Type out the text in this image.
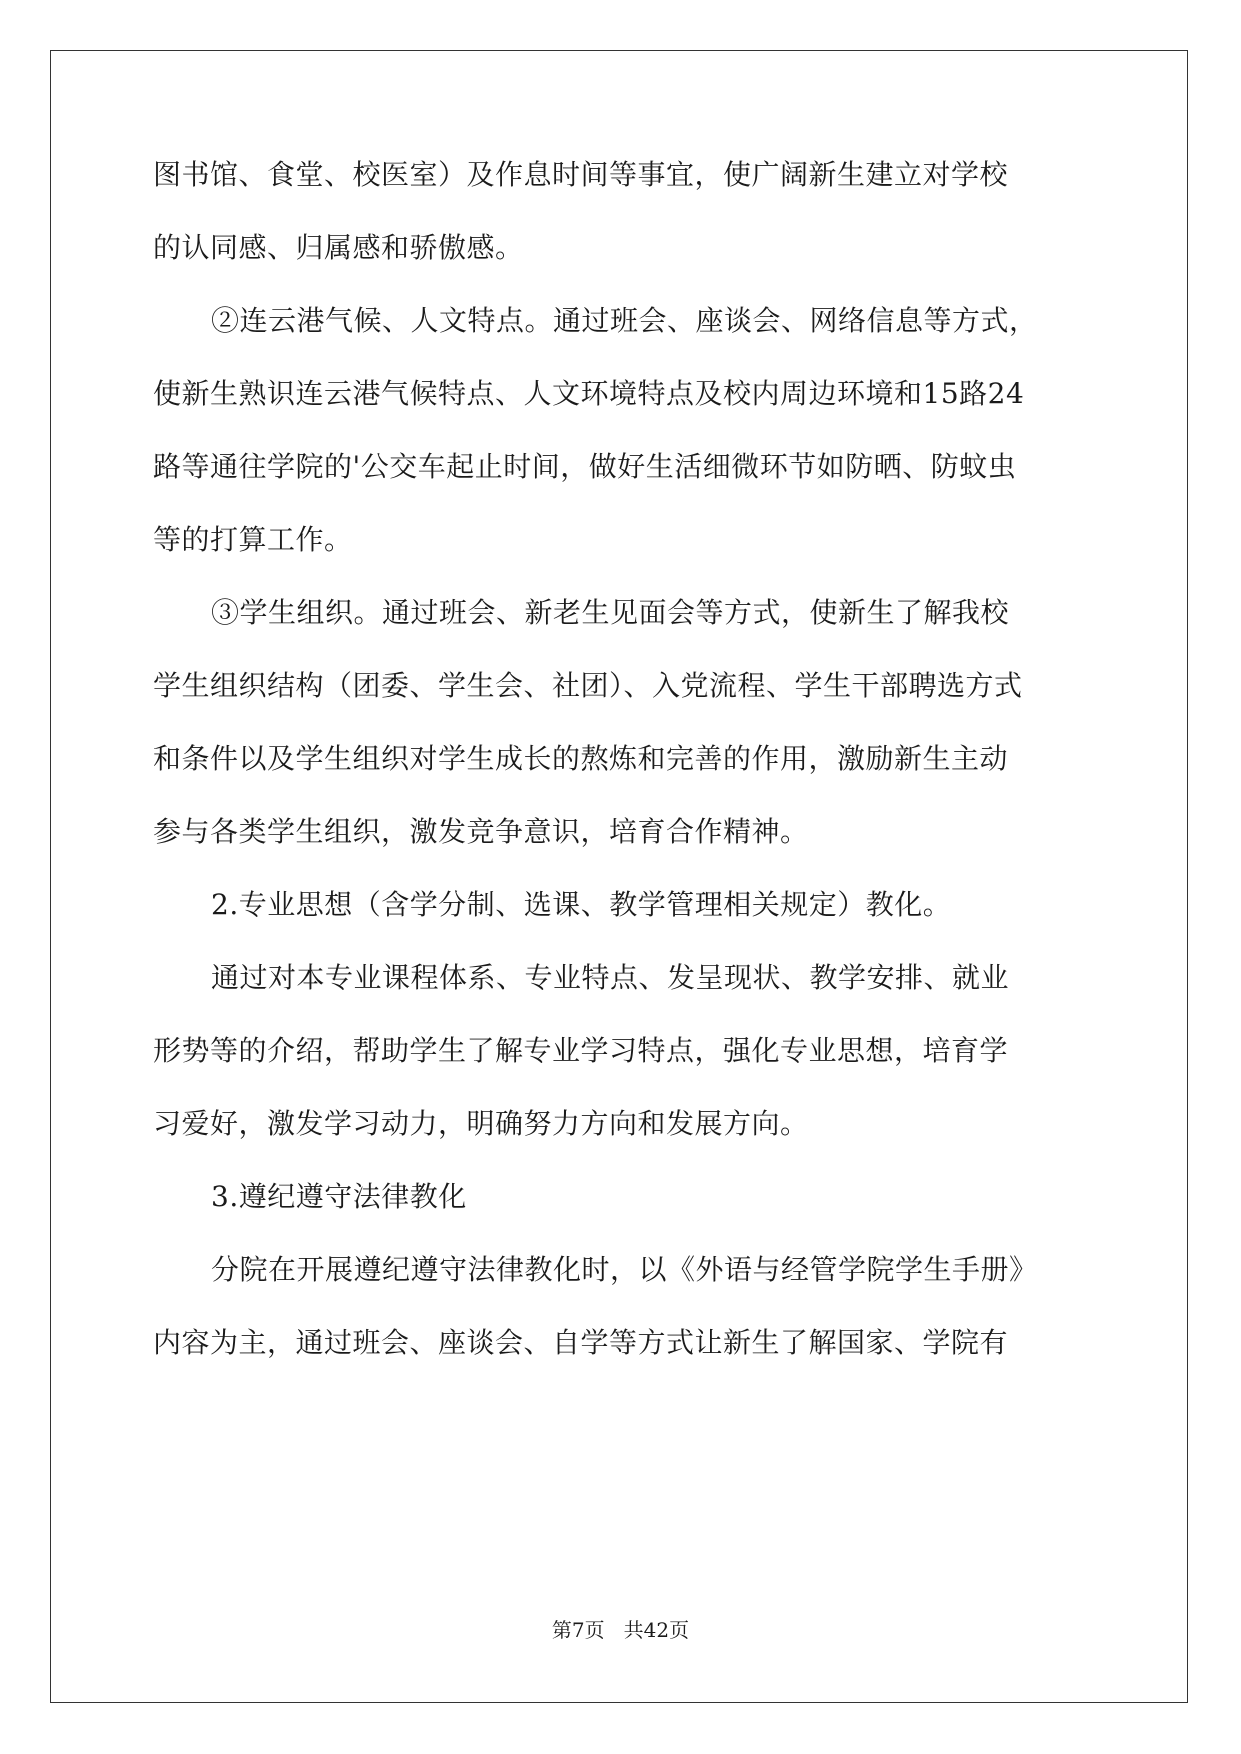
图书馆、食堂、校医室）及作息时间等事宜，使广阔新生建立对学校
的认同感、归属感和骄傲感。
②连云港气候、人文特点。通过班会、座谈会、网络信息等方式，
使新生熟识连云港气候特点、人文环境特点及校内周边环境和15路24
路等通往学院的'公交车起止时间，做好生活细微环节如防晒、防蚊虫
等的打算工作。
③学生组织。通过班会、新老生见面会等方式，使新生了解我校
学生组织结构（团委、学生会、社团）、入党流程、学生干部聘选方式
和条件以及学生组织对学生成长的熬炼和完善的作用，激励新生主动
参与各类学生组织，激发竞争意识，培育合作精神。
2.专业思想（含学分制、选课、教学管理相关规定）教化。
通过对本专业课程体系、专业特点、发呈现状、教学安排、就业
形势等的介绍，帮助学生了解专业学习特点，强化专业思想，培育学
习爱好，激发学习动力，明确努力方向和发展方向。
3.遵纪遵守法律教化
分院在开展遵纪遵守法律教化时，以《外语与经管学院学生手册》
内容为主，通过班会、座谈会、自学等方式让新生了解国家、学院有
第7页   共42页
